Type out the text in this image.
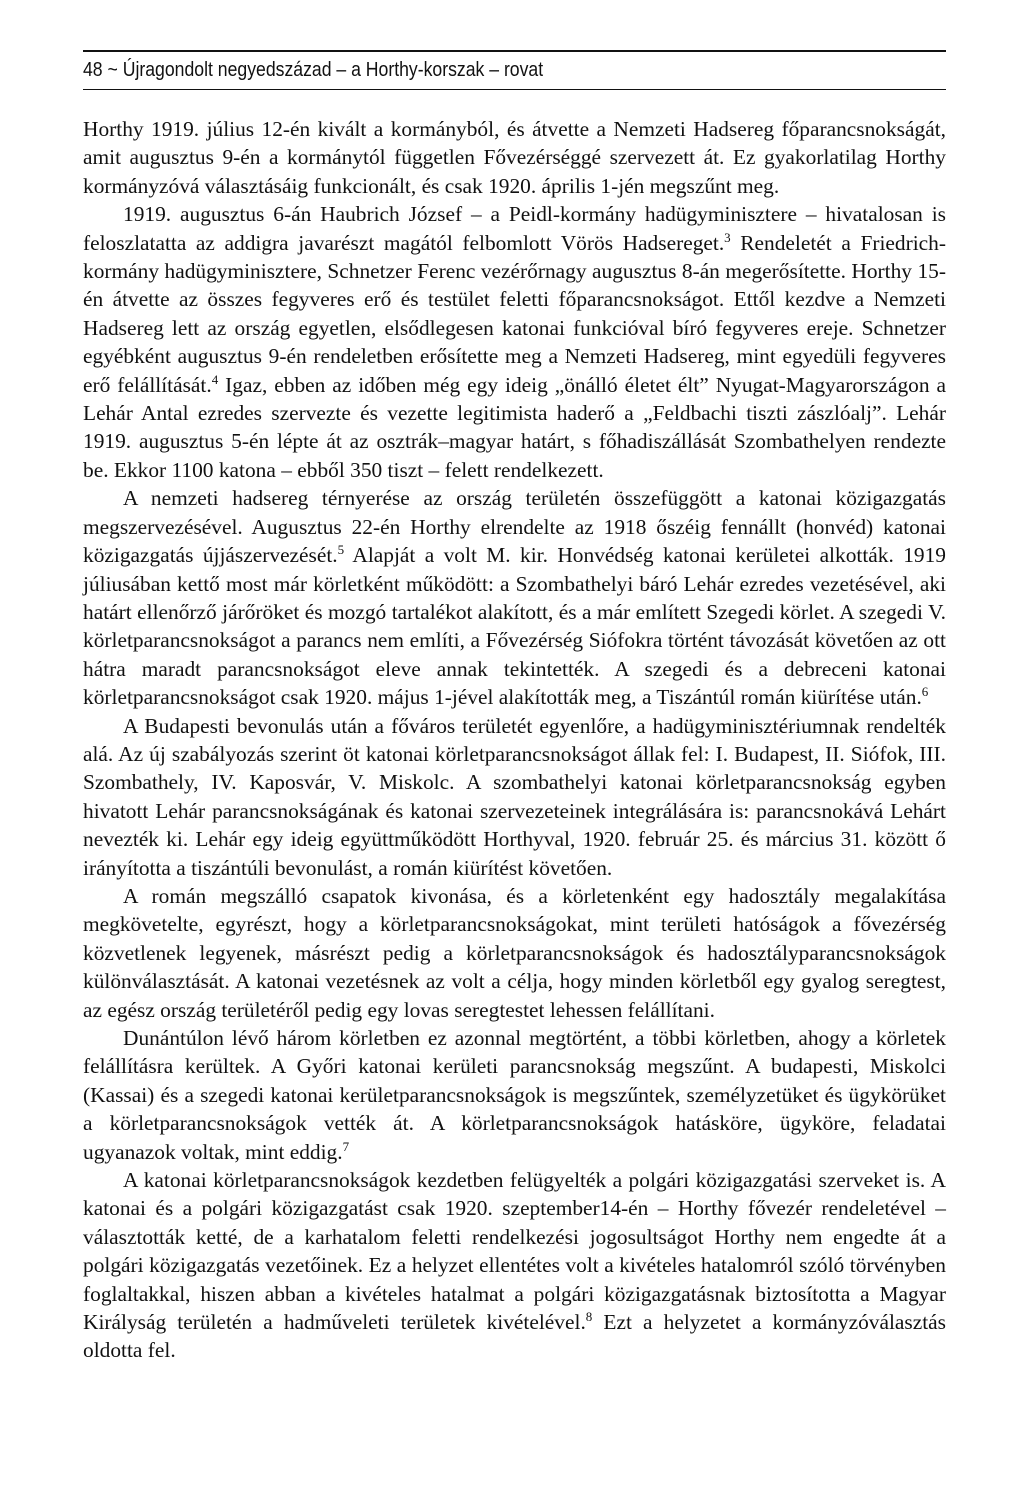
48 ~ Újragondolt negyedszázad – a Horthy-korszak – rovat

Horthy 1919. július 12-én kivált a kormányból, és átvette a Nemzeti Hadsereg főparancsnokságát, amit augusztus 9-én a kormánytól független Fővezérséggé szervezett át. Ez gyakorlatilag Horthy kormányzóvá választásáig funkcionált, és csak 1920. április 1-jén megszűnt meg.

1919. augusztus 6-án Haubrich József – a Peidl-kormány hadügyminisztere – hivatalosan is feloszlatatta az addigra javarészt magától felbomlott Vörös Hadsereget.$^3$ Rendeletét a Friedrich-kormány hadügyminisztere, Schnetzer Ferenc vezérőrnagy augusztus 8-án megerősítette. Horthy 15-én átvette az összes fegyveres erő és testület feletti főparancsnokságot. Ettől kezdve a Nemzeti Hadsereg lett az ország egyetlen, elsődlegesen katonai funkcióval bíró fegyveres ereje. Schnetzer egyébként augusztus 9-én rendeletben erősítette meg a Nemzeti Hadsereg, mint egyedüli fegyveres erő felállítását.$^4$ Igaz, ebben az időben még egy ideig „önálló életet élt” Nyugat-Magyarországon a Lehár Antal ezredes szervezte és vezette legitimista haderő a „Feldbachi tiszti zászlóalj”. Lehár 1919. augusztus 5-én lépte át az osztrák–magyar határt, s főhadiszállását Szombathelyen rendezte be. Ekkor 1100 katona – ebből 350 tiszt – felett rendelkezett.

A nemzeti hadsereg térnyerése az ország területén összefüggött a katonai közigazgatás megszervezésével. Augusztus 22-én Horthy elrendelte az 1918 őszéig fennállt (honvéd) katonai közigazgatás újjászervezését.$^5$ Alapját a volt M. kir. Honvédség katonai kerületei alkották. 1919 júliusában kettő most már körletként működött: a Szombathelyi báró Lehár ezredes vezetésével, aki határt ellenőrző járőröket és mozgó tartalékot alakított, és a már említett Szegedi körlet. A szegedi V. körletparancsnokságot a parancs nem említi, a Fővezérség Siófokra történt távozását követően az ott hátra maradt parancsnokságot eleve annak tekintették. A szegedi és a debreceni katonai körletparancsnokságot csak 1920. május 1-jével alakították meg, a Tiszántúl román kiürítése után.$^6$

A Budapesti bevonulás után a főváros területét egyenlőre, a hadügyminisztériumnak rendelték alá. Az új szabályozás szerint öt katonai körletparancsnokságot állak fel: I. Budapest, II. Siófok, III. Szombathely, IV. Kaposvár, V. Miskolc. A szombathelyi katonai körletparancsnokság egyben hivatott Lehár parancsnokságának és katonai szervezeteinek integrálására is: parancsnokává Lehárt nevezték ki. Lehár egy ideig együttműködött Horthyval, 1920. február 25. és március 31. között ő irányította a tiszántúli bevonulást, a román kiürítést követően.

A román megszálló csapatok kivonása, és a körletenként egy hadosztály megalakítása megkövetelte, egyrészt, hogy a körletparancsnokságokat, mint területi hatóságok a fővezérség közvetlenek legyenek, másrészt pedig a körletparancsnokságok és hadosztályparancsnokságok különválasztását. A katonai vezetésnek az volt a célja, hogy minden körletből egy gyalog seregtest, az egész ország területéről pedig egy lovas seregtestet lehessen felállítani.

Dunántúlon lévő három körletben ez azonnal megtörtént, a többi körletben, ahogy a körletek felállításra kerültek. A Győri katonai kerületi parancsnokság megszűnt. A budapesti, Miskolci (Kassai) és a szegedi katonai kerületparancsnokságok is megszűntek, személyzetüket és ügykörüket a körletparancsnokságok vették át. A körletparancsnokságok hatásköre, ügyköre, feladatai ugyanazok voltak, mint eddig.$^7$

A katonai körletparancsnokságok kezdetben felügyelték a polgári közigazgatási szerveket is. A katonai és a polgári közigazgatást csak 1920. szeptember14-én – Horthy fővezér rendeletével – választották ketté, de a karhatalom feletti rendelkezési jogosultságot Horthy nem engedte át a polgári közigazgatás vezetőinek. Ez a helyzet ellentétes volt a kivételes hatalomról szóló törvényben foglaltakkal, hiszen abban a kivételes hatalmat a polgári közigazgatásnak biztosította a Magyar Királyság területén a hadműveleti területek kivételével.$^8$ Ezt a helyzetet a kormányzóválasztás oldotta fel.
